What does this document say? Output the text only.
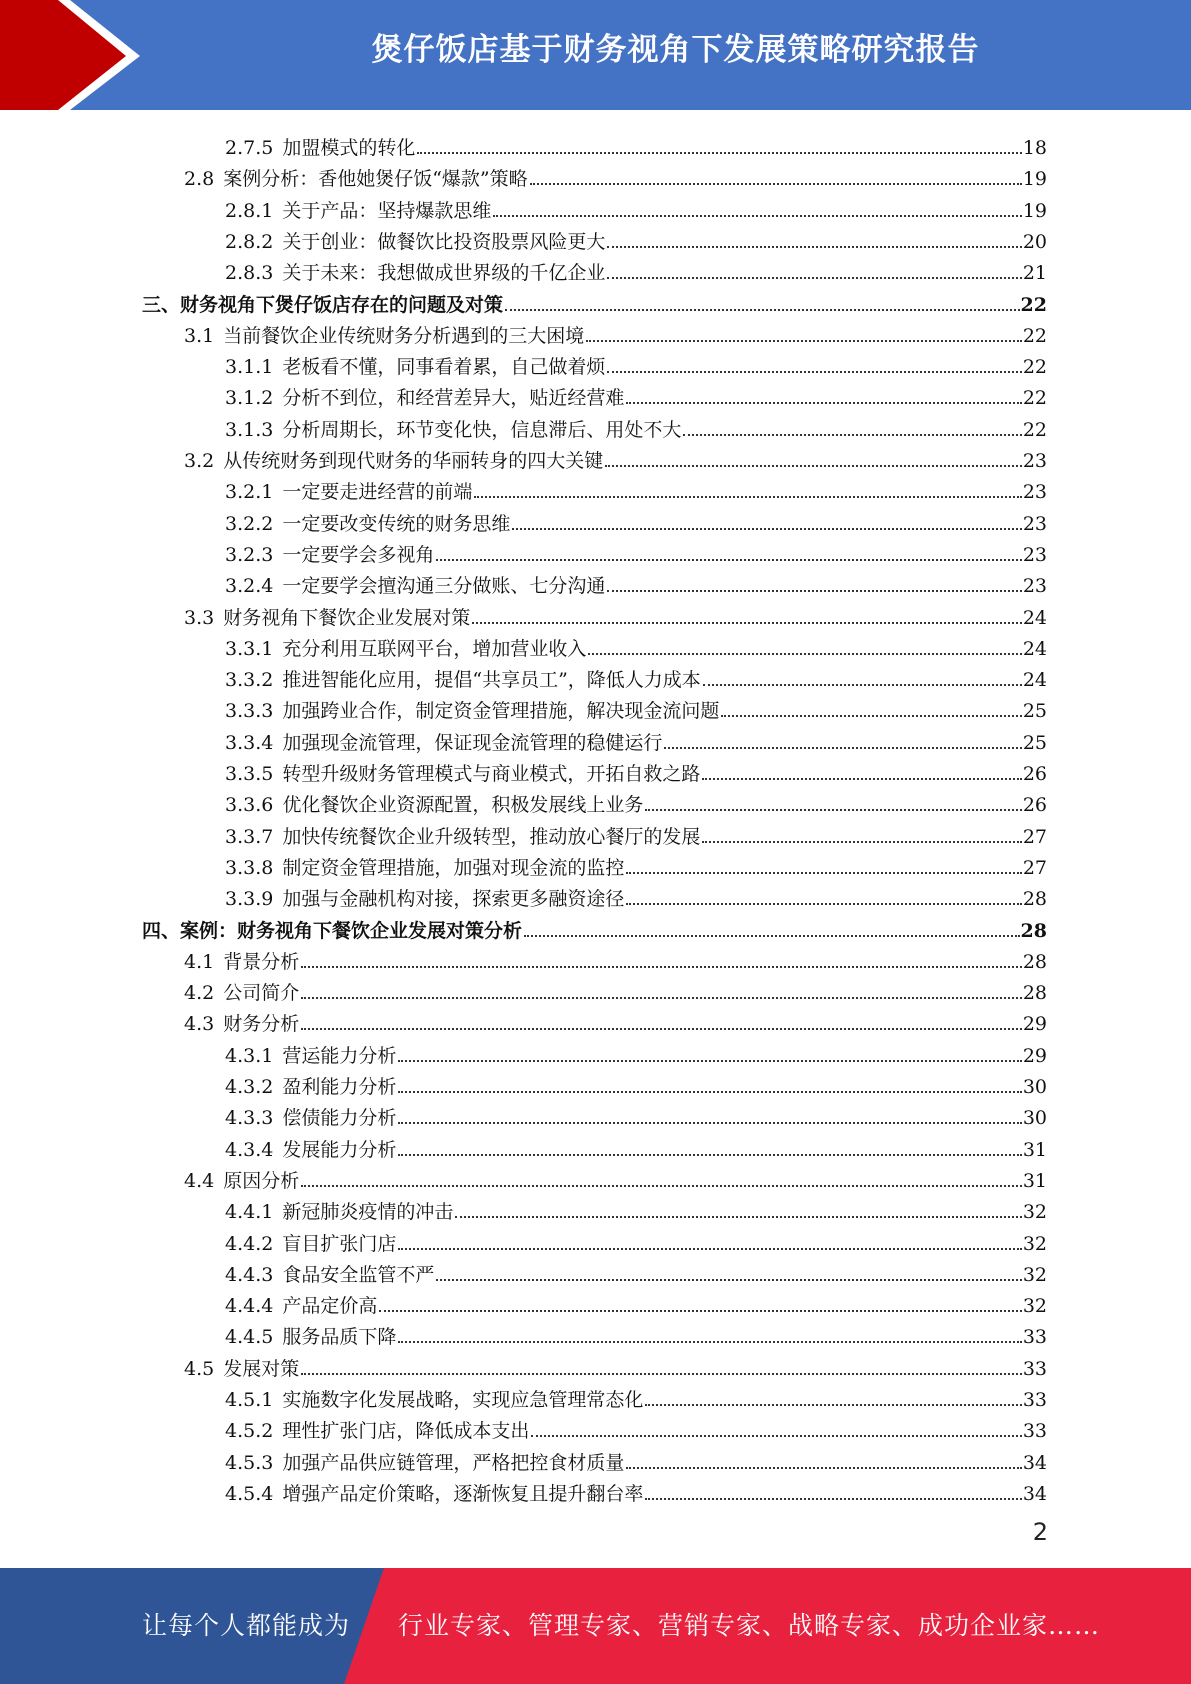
煲仔饭店基于财务视角下发展策略研究报告
2.7.5 加盟模式的转化	18
2.8 案例分析：香他她煲仔饭“爆款”策略	19
2.8.1 关于产品：坚持爆款思维	19
2.8.2 关于创业：做餐饮比投资股票风险更大	20
2.8.3 关于未来：我想做成世界级的千亿企业	21
三、 财务视角下煲仔饭店存在的问题及对策	22
3.1 当前餐饮企业传统财务分析遇到的三大困境	22
3.1.1 老板看不懂，同事看着累，自己做着烦	22
3.1.2 分析不到位，和经营差异大，贴近经营难	22
3.1.3 分析周期长，环节变化快，信息滞后、用处不大	22
3.2 从传统财务到现代财务的华丽转身的四大关键	23
3.2.1 一定要走进经营的前端	23
3.2.2 一定要改变传统的财务思维	23
3.2.3 一定要学会多视角	23
3.2.4 一定要学会擅沟通三分做账、七分沟通	23
3.3 财务视角下餐饮企业发展对策	24
3.3.1 充分利用互联网平台，增加营业收入	24
3.3.2 推进智能化应用，提倡“共享员工”，降低人力成本	24
3.3.3 加强跨业合作，制定资金管理措施，解决现金流问题	25
3.3.4 加强现金流管理，保证现金流管理的稳健运行	25
3.3.5 转型升级财务管理模式与商业模式，开拓自救之路	26
3.3.6 优化餐饮企业资源配置，积极发展线上业务	26
3.3.7 加快传统餐饮企业升级转型，推动放心餐厅的发展	27
3.3.8 制定资金管理措施，加强对现金流的监控	27
3.3.9 加强与金融机构对接，探索更多融资途径	28
四、 案例：财务视角下餐饮企业发展对策分析	28
4.1 背景分析	28
4.2 公司简介	28
4.3 财务分析	29
4.3.1 营运能力分析	29
4.3.2 盈利能力分析	30
4.3.3 偿债能力分析	30
4.3.4 发展能力分析	31
4.4 原因分析	31
4.4.1 新冠肺炎疫情的冲击	32
4.4.2 盲目扩张门店	32
4.4.3 食品安全监管不严	32
4.4.4 产品定价高	32
4.4.5 服务品质下降	33
4.5 发展对策	33
4.5.1 实施数字化发展战略，实现应急管理常态化	33
4.5.2 理性扩张门店，降低成本支出	33
4.5.3 加强产品供应链管理，严格把控食材质量	34
4.5.4 增强产品定价策略，逐渐恢复且提升翻台率	34
2
让每个人都能成为 行业专家、管理专家、营销专家、战略专家、成功企业家……
